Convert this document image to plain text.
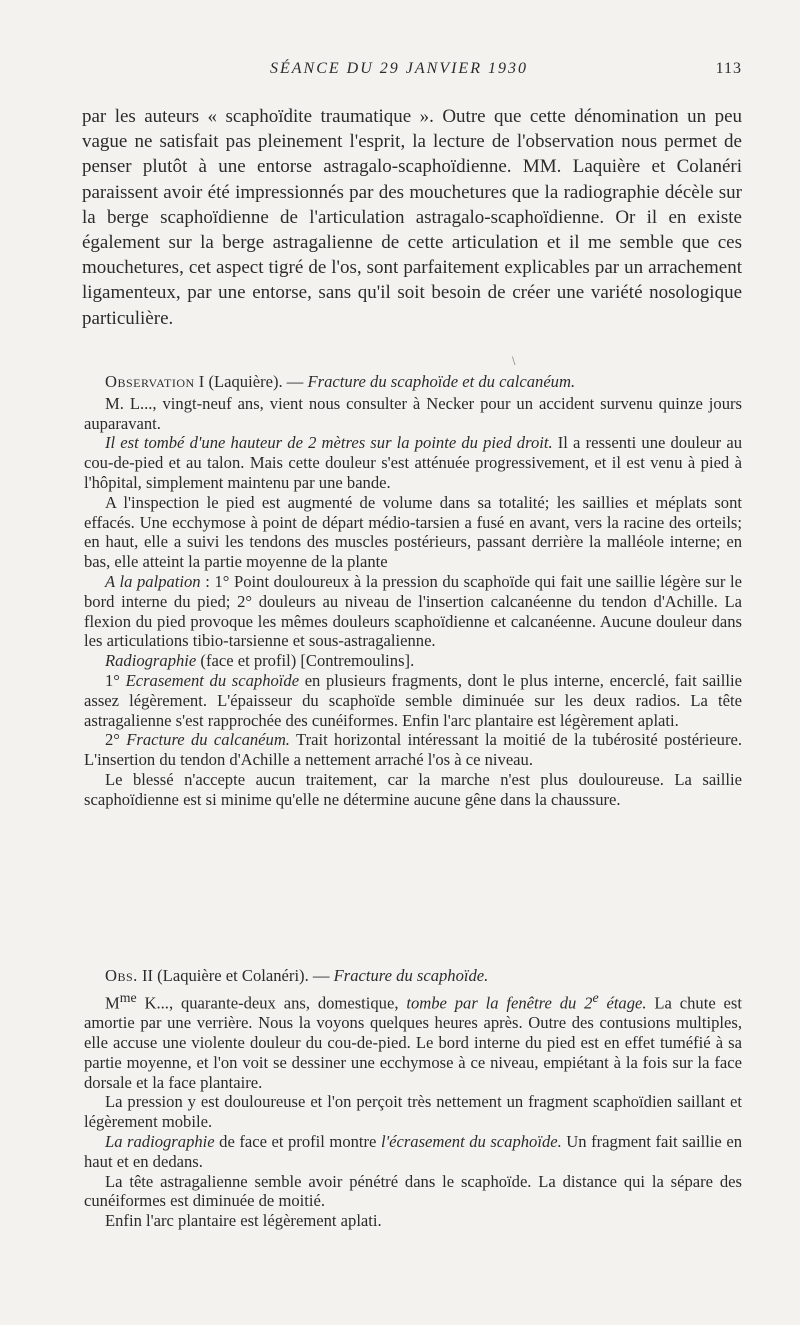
SÉANCE DU 29 JANVIER 1930	113

par les auteurs « scaphoïdite traumatique ». Outre que cette dénomination un peu vague ne satisfait pas pleinement l'esprit, la lecture de l'observation nous permet de penser plutôt à une entorse astragalo-scaphoïdienne. MM. Laquière et Colanéri paraissent avoir été impressionnés par des mouchetures que la radiographie décèle sur la berge scaphoïdienne de l'articulation astragalo-scaphoïdienne. Or il en existe également sur la berge astragalienne de cette articulation et il me semble que ces mouchetures, cet aspect tigré de l'os, sont parfaitement explicables par un arrachement ligamenteux, par une entorse, sans qu'il soit besoin de créer une variété nosologique particulière.

\

Observation I (Laquière). — Fracture du scaphoïde et du calcanéum.

M. L..., vingt-neuf ans, vient nous consulter à Necker pour un accident survenu quinze jours auparavant.

Il est tombé d'une hauteur de 2 mètres sur la pointe du pied droit. Il a ressenti une douleur au cou-de-pied et au talon. Mais cette douleur s'est atténuée progressivement, et il est venu à pied à l'hôpital, simplement maintenu par une bande.

A l'inspection le pied est augmenté de volume dans sa totalité; les saillies et méplats sont effacés. Une ecchymose à point de départ médio-tarsien a fusé en avant, vers la racine des orteils; en haut, elle a suivi les tendons des muscles postérieurs, passant derrière la malléole interne; en bas, elle atteint la partie moyenne de la plante

A la palpation : 1° Point douloureux à la pression du scaphoïde qui fait une saillie légère sur le bord interne du pied; 2° douleurs au niveau de l'insertion calcanéenne du tendon d'Achille. La flexion du pied provoque les mêmes douleurs scaphoïdienne et calcanéenne. Aucune douleur dans les articulations tibio-tarsienne et sous-astragalienne.

Radiographie (face et profil) [Contremoulins].

1° Ecrasement du scaphoïde en plusieurs fragments, dont le plus interne, encerclé, fait saillie assez légèrement. L'épaisseur du scaphoïde semble diminuée sur les deux radios. La tête astragalienne s'est rapprochée des cunéiformes. Enfin l'arc plantaire est légèrement aplati.

2° Fracture du calcanéum. Trait horizontal intéressant la moitié de la tubérosité postérieure. L'insertion du tendon d'Achille a nettement arraché l'os à ce niveau.

Le blessé n'accepte aucun traitement, car la marche n'est plus douloureuse. La saillie scaphoïdienne est si minime qu'elle ne détermine aucune gêne dans la chaussure.

Obs. II (Laquière et Colanéri). — Fracture du scaphoïde.

$M^{me}$ K..., quarante-deux ans, domestique, tombe par la fenêtre du 2e étage. La chute est amortie par une verrière. Nous la voyons quelques heures après. Outre des contusions multiples, elle accuse une violente douleur du cou-de-pied. Le bord interne du pied est en effet tuméfié à sa partie moyenne, et l'on voit se dessiner une ecchymose à ce niveau, empiétant à la fois sur la face dorsale et la face plantaire.

La pression y est douloureuse et l'on perçoit très nettement un fragment scaphoïdien saillant et légèrement mobile.

La radiographie de face et profil montre l'écrasement du scaphoïde. Un fragment fait saillie en haut et en dedans.

La tête astragalienne semble avoir pénétré dans le scaphoïde. La distance qui la sépare des cunéiformes est diminuée de moitié.

Enfin l'arc plantaire est légèrement aplati.
